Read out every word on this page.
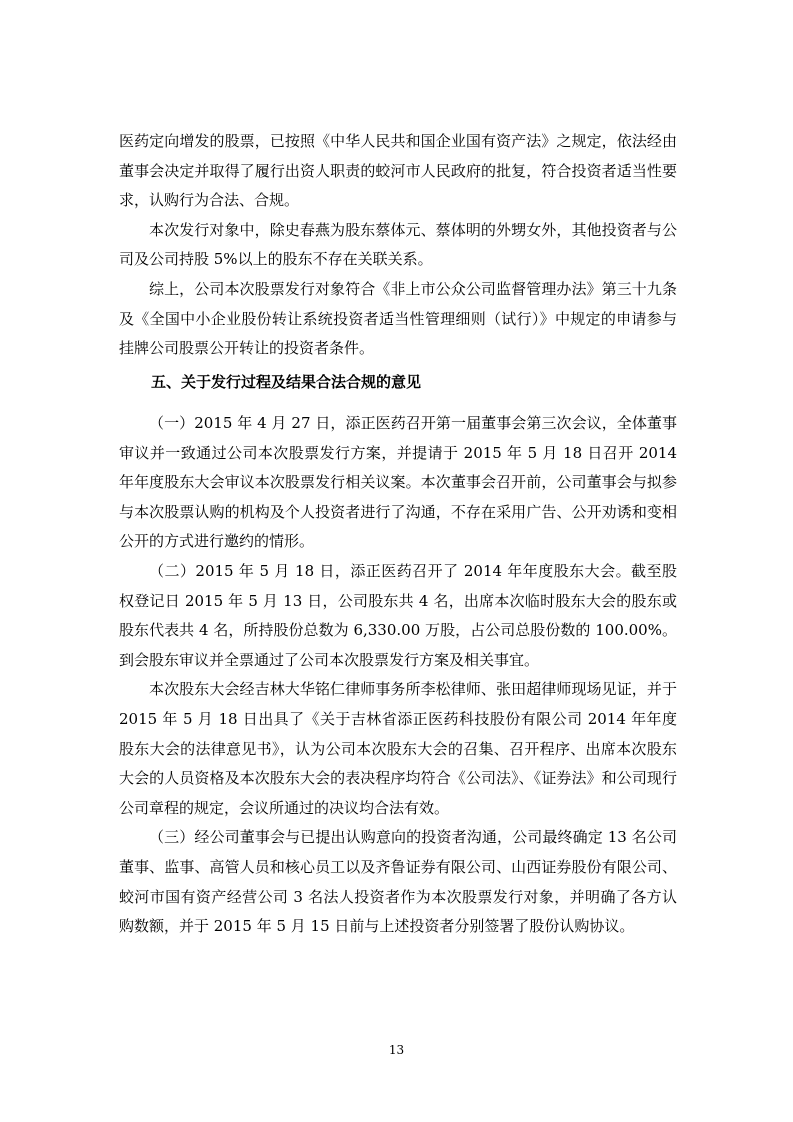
医药定向增发的股票，已按照《中华人民共和国企业国有资产法》之规定，依法经由董事会决定并取得了履行出资人职责的蛟河市人民政府的批复，符合投资者适当性要求，认购行为合法、合规。

本次发行对象中，除史春燕为股东蔡体元、蔡体明的外甥女外，其他投资者与公司及公司持股 5%以上的股东不存在关联关系。

综上，公司本次股票发行对象符合《非上市公众公司监督管理办法》第三十九条及《全国中小企业股份转让系统投资者适当性管理细则（试行）》中规定的申请参与挂牌公司股票公开转让的投资者条件。

五、关于发行过程及结果合法合规的意见

（一）2015 年 4 月 27 日，添正医药召开第一届董事会第三次会议，全体董事审议并一致通过公司本次股票发行方案，并提请于 2015 年 5 月 18 日召开 2014 年年度股东大会审议本次股票发行相关议案。本次董事会召开前，公司董事会与拟参与本次股票认购的机构及个人投资者进行了沟通，不存在采用广告、公开劝诱和变相公开的方式进行邀约的情形。

（二）2015 年 5 月 18 日，添正医药召开了 2014 年年度股东大会。截至股权登记日 2015 年 5 月 13 日，公司股东共 4 名，出席本次临时股东大会的股东或股东代表共 4 名，所持股份总数为 6,330.00 万股，占公司总股份数的 100.00%。到会股东审议并全票通过了公司本次股票发行方案及相关事宜。

本次股东大会经吉林大华铭仁律师事务所李松律师、张田超律师现场见证，并于 2015 年 5 月 18 日出具了《关于吉林省添正医药科技股份有限公司 2014 年年度股东大会的法律意见书》，认为公司本次股东大会的召集、召开程序、出席本次股东大会的人员资格及本次股东大会的表决程序均符合《公司法》、《证券法》和公司现行公司章程的规定，会议所通过的决议均合法有效。

（三）经公司董事会与已提出认购意向的投资者沟通，公司最终确定 13 名公司董事、监事、高管人员和核心员工以及齐鲁证券有限公司、山西证券股份有限公司、蛟河市国有资产经营公司 3 名法人投资者作为本次股票发行对象，并明确了各方认购数额，并于 2015 年 5 月 15 日前与上述投资者分别签署了股份认购协议。

13
